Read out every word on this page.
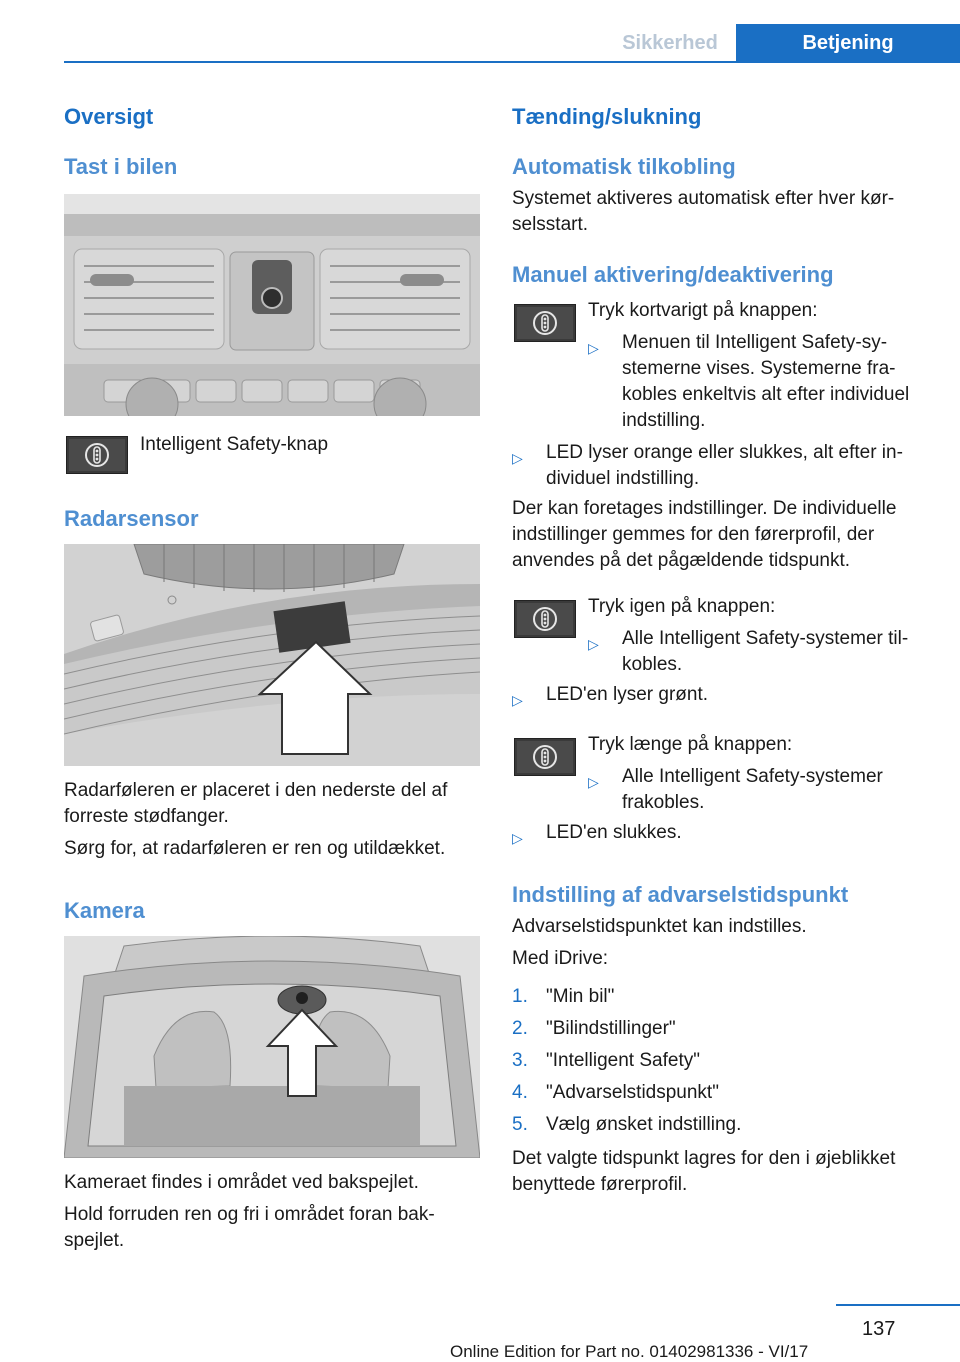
Sikkerhed	Betjening
Oversigt
Tast i bilen

Intelligent Safety-knap

Radarsensor

Radarføleren er placeret i den nederste del af forreste stødfanger.

Sørg for, at radarføleren er ren og utildækket.

Kamera

Kameraet findes i området ved bakspejlet.

Hold forruden ren og fri i området foran bakspejlet.

Tænding/slukning
Automatisk tilkobling

Systemet aktiveres automatisk efter hver kørselsstart.

Manuel aktivering/deaktivering

Tryk kortvarigt på knappen:

▷ Menuen til Intelligent Safety-systemerne vises. Systemerne frakobles enkeltvis alt efter individuel indstilling.
▷ LED lyser orange eller slukkes, alt efter individuel indstilling.

Der kan foretages indstillinger. De individuelle indstillinger gemmes for den førerprofil, der anvendes på det pågældende tidspunkt.

Tryk igen på knappen:

▷ Alle Intelligent Safety-systemer tilkobles.
▷ LED'en lyser grønt.

Tryk længe på knappen:

▷ Alle Intelligent Safety-systemer frakobles.
▷ LED'en slukkes.
Indstilling af advarselstidspunkt

Advarselstidspunktet kan indstilles.

Med iDrive:

1. "Min bil"
2. "Bilindstillinger"
3. "Intelligent Safety"
4. "Advarselstidspunkt"
5. Vælg ønsket indstilling.

Det valgte tidspunkt lagres for den i øjeblikket benyttede førerprofil.

137
Online Edition for Part no. 01402981336 - VI/17
